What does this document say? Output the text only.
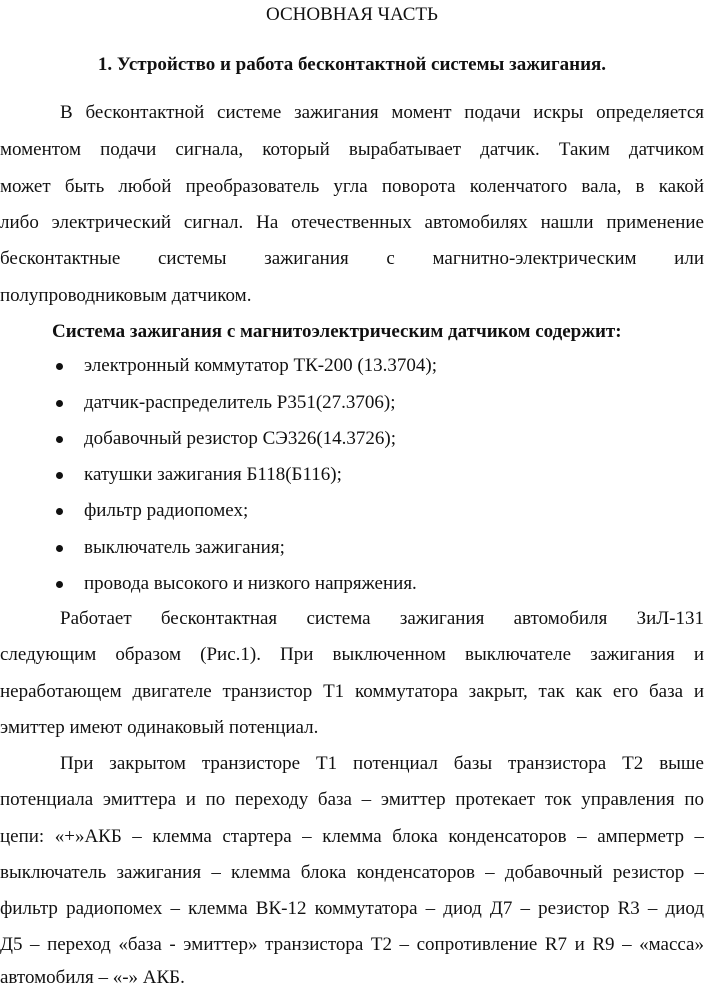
ОСНОВНАЯ ЧАСТЬ
1. Устройство и работа бесконтактной системы зажигания.
В бесконтактной системе зажигания момент подачи искры определяется
моментом подачи сигнала, который вырабатывает датчик. Таким датчиком
может быть любой преобразователь угла поворота коленчатого вала, в какой
либо электрический сигнал. На отечественных автомобилях нашли применение
бесконтактные системы зажигания с магнитно-электрическим или
полупроводниковым датчиком.
Система зажигания с магнитоэлектрическим датчиком содержит:
электронный коммутатор ТК-200 (13.3704);
датчик-распределитель Р351(27.3706);
добавочный резистор СЭ326(14.3726);
катушки зажигания Б118(Б116);
фильтр радиопомех;
выключатель зажигания;
провода высокого и низкого напряжения.
Работает бесконтактная система зажигания автомобиля ЗиЛ-131
следующим образом (Рис.1). При выключенном выключателе зажигания и
неработающем двигателе транзистор Т1 коммутатора закрыт, так как его база и
эмиттер имеют одинаковый потенциал.
При закрытом транзисторе Т1 потенциал базы транзистора Т2 выше
потенциала эмиттера и по переходу база – эмиттер протекает ток управления по
цепи: «+»АКБ – клемма стартера – клемма блока конденсаторов – амперметр –
выключатель зажигания – клемма блока конденсаторов – добавочный резистор –
фильтр радиопомех – клемма ВК-12 коммутатора – диод Д7 – резистор R3 – диод
Д5 – переход «база - эмиттер» транзистора Т2 – сопротивление R7 и R9 – «масса»
автомобиля – «-» АКБ.
